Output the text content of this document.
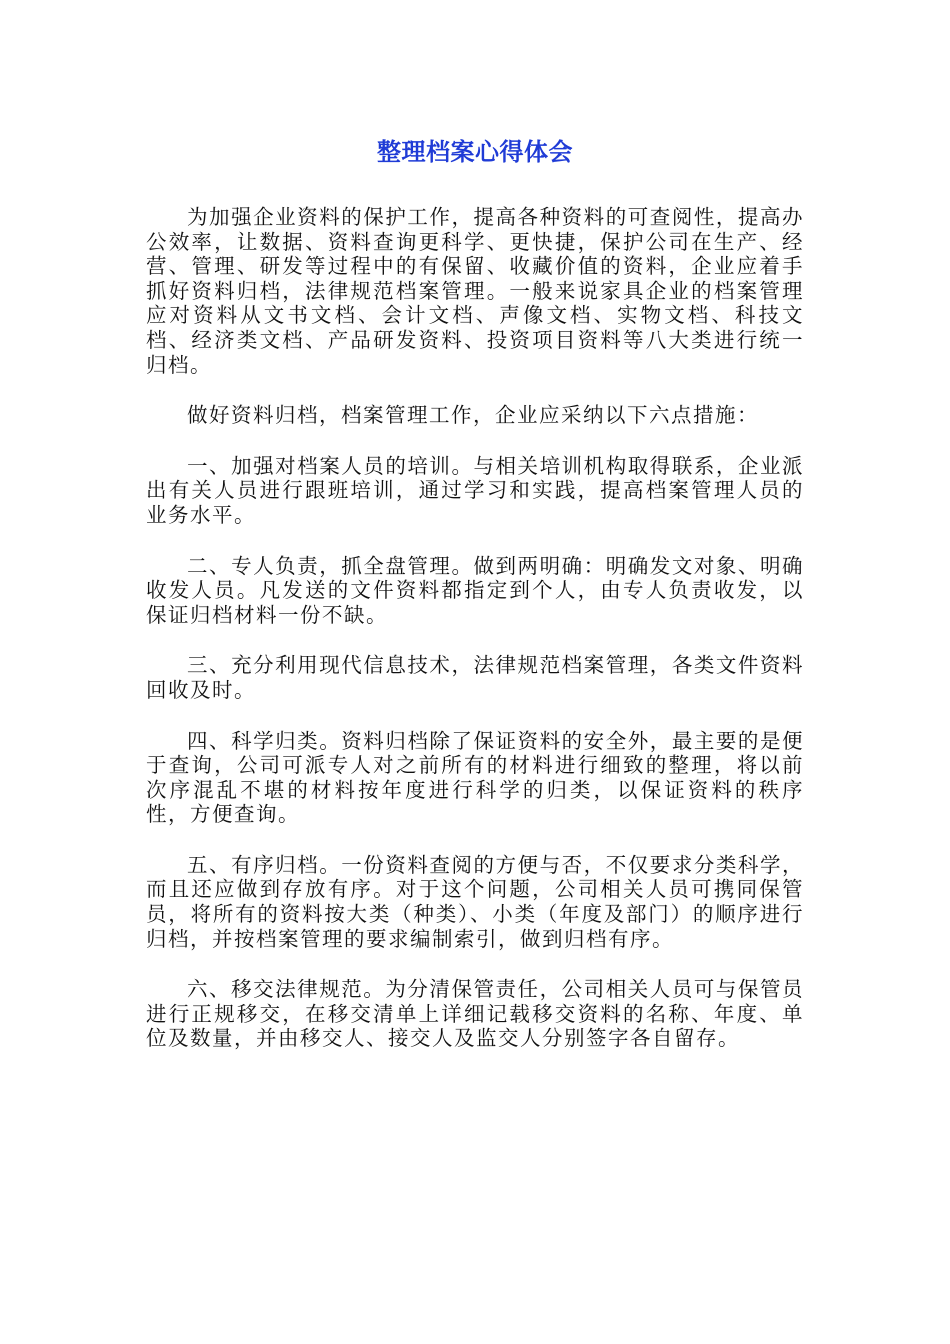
整理档案心得体会

为加强企业资料的保护工作，提高各种资料的可查阅性，提高办公效率，让数据、资料查询更科学、更快捷，保护公司在生产、经营、管理、研发等过程中的有保留、收藏价值的资料，企业应着手抓好资料归档，法律规范档案管理。一般来说家具企业的档案管理应对资料从文书文档、会计文档、声像文档、实物文档、科技文档、经济类文档、产品研发资料、投资项目资料等八大类进行统一归档。

做好资料归档，档案管理工作，企业应采纳以下六点措施：

一、加强对档案人员的培训。与相关培训机构取得联系，企业派出有关人员进行跟班培训，通过学习和实践，提高档案管理人员的业务水平。

二、专人负责，抓全盘管理。做到两明确：明确发文对象、明确收发人员。凡发送的文件资料都指定到个人，由专人负责收发，以保证归档材料一份不缺。

三、充分利用现代信息技术，法律规范档案管理，各类文件资料回收及时。

四、科学归类。资料归档除了保证资料的安全外，最主要的是便于查询，公司可派专人对之前所有的材料进行细致的整理，将以前次序混乱不堪的材料按年度进行科学的归类，以保证资料的秩序性，方便查询。

五、有序归档。一份资料查阅的方便与否，不仅要求分类科学，而且还应做到存放有序。对于这个问题，公司相关人员可携同保管员，将所有的资料按大类（种类）、小类（年度及部门）的顺序进行归档，并按档案管理的要求编制索引，做到归档有序。

六、移交法律规范。为分清保管责任，公司相关人员可与保管员进行正规移交，在移交清单上详细记载移交资料的名称、年度、单位及数量，并由移交人、接交人及监交人分别签字各自留存。
